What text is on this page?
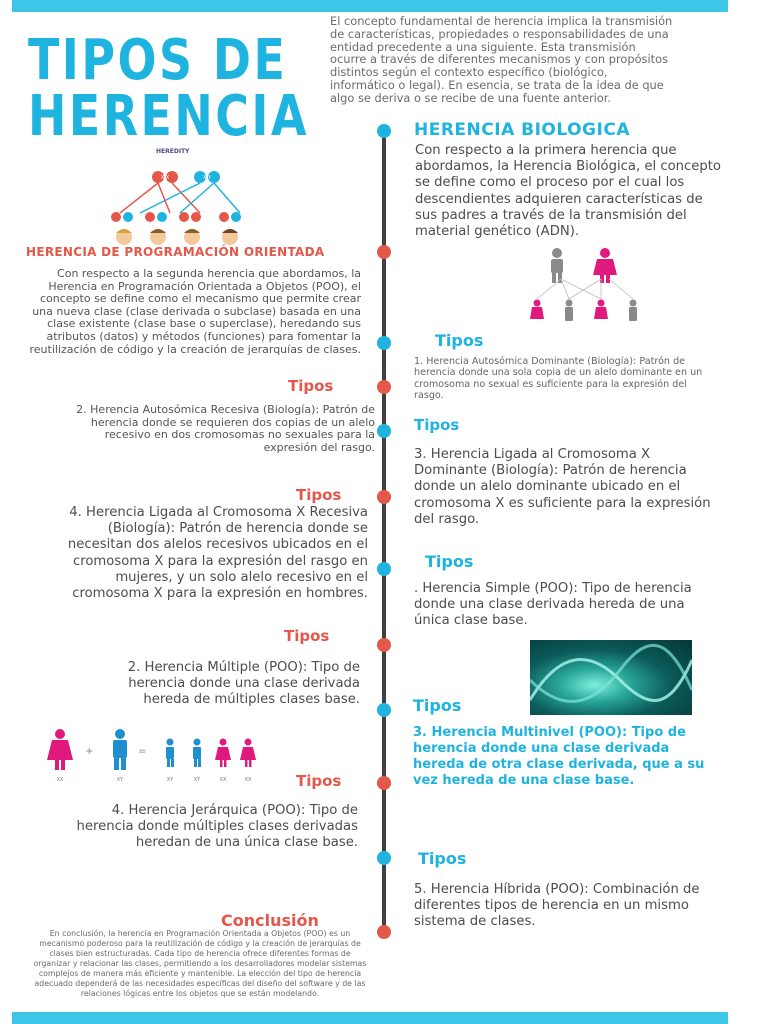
TIPOS DE
HERENCIA
El concepto fundamental de herencia implica la transmisión de características, propiedades o responsabilidades de una entidad precedente a una siguiente. Esta transmisión ocurre a través de diferentes mecanismos y con propósitos distintos según el contexto específico (biológico, informático o legal). En esencia, se trata de la idea de que algo se deriva o se recibe de una fuente anterior.
HEREDITY
X X	X Y
HERENCIA BIOLOGICA
Con respecto a la primera herencia que abordamos, la Herencia Biológica, el concepto se define como el proceso por el cual los descendientes adquieren características de sus padres a través de la transmisión del material genético (ADN).
HERENCIA DE PROGRAMACIÓN ORIENTADA
Con respecto a la segunda herencia que abordamos, la Herencia en Programación Orientada a Objetos (POO), el concepto se define como el mecanismo que permite crear una nueva clase (clase derivada o subclase) basada en una clase existente (clase base o superclase), heredando sus atributos (datos) y métodos (funciones) para fomentar la reutilización de código y la creación de jerarquías de clases.	Tipos
1. Herencia Autosómica Dominante (Biología): Patrón de herencia donde una sola copia de un alelo dominante en un cromosoma no sexual es suficiente para la expresión del rasgo.
Tipos
3. Herencia Ligada al Cromosoma X Dominante (Biología): Patrón de herencia donde un alelo dominante ubicado en el cromosoma X es suficiente para la expresión del rasgo.
Tipos
. Herencia Simple (POO): Tipo de herencia donde una clase derivada hereda de una única clase base.
Tipos
3. Herencia Multinivel (POO): Tipo de herencia donde una clase derivada hereda de otra clase derivada, que a su vez hereda de una clase base.
Tipos
5. Herencia Híbrida (POO): Combinación de diferentes tipos de herencia en un mismo sistema de clases.
Tipos
2. Herencia Autosómica Recesiva (Biología): Patrón de herencia donde se requieren dos copias de un alelo recesivo en dos cromosomas no sexuales para la expresión del rasgo.
Tipos
4. Herencia Ligada al Cromosoma X Recesiva (Biología): Patrón de herencia donde se necesitan dos alelos recesivos ubicados en el cromosoma X para la expresión del rasgo en mujeres, y un solo alelo recesivo en el cromosoma X para la expresión en hombres.
Tipos
2. Herencia Múltiple (POO): Tipo de herencia donde una clase derivada hereda de múltiples clases base.
+	=
XX	XY	XY	XY	XX	XX	Tipos
4. Herencia Jerárquica (POO): Tipo de herencia donde múltiples clases derivadas heredan de una única clase base.
Conclusión
En conclusión, la herencia en Programación Orientada a Objetos (POO) es un mecanismo poderoso para la reutilización de código y la creación de jerarquías de clases bien estructuradas. Cada tipo de herencia ofrece diferentes formas de organizar y relacionar las clases, permitiendo a los desarrolladores modelar sistemas complejos de manera más eficiente y mantenible. La elección del tipo de herencia adecuado dependerá de las necesidades específicas del diseño del software y de las relaciones lógicas entre los objetos que se están modelando.
